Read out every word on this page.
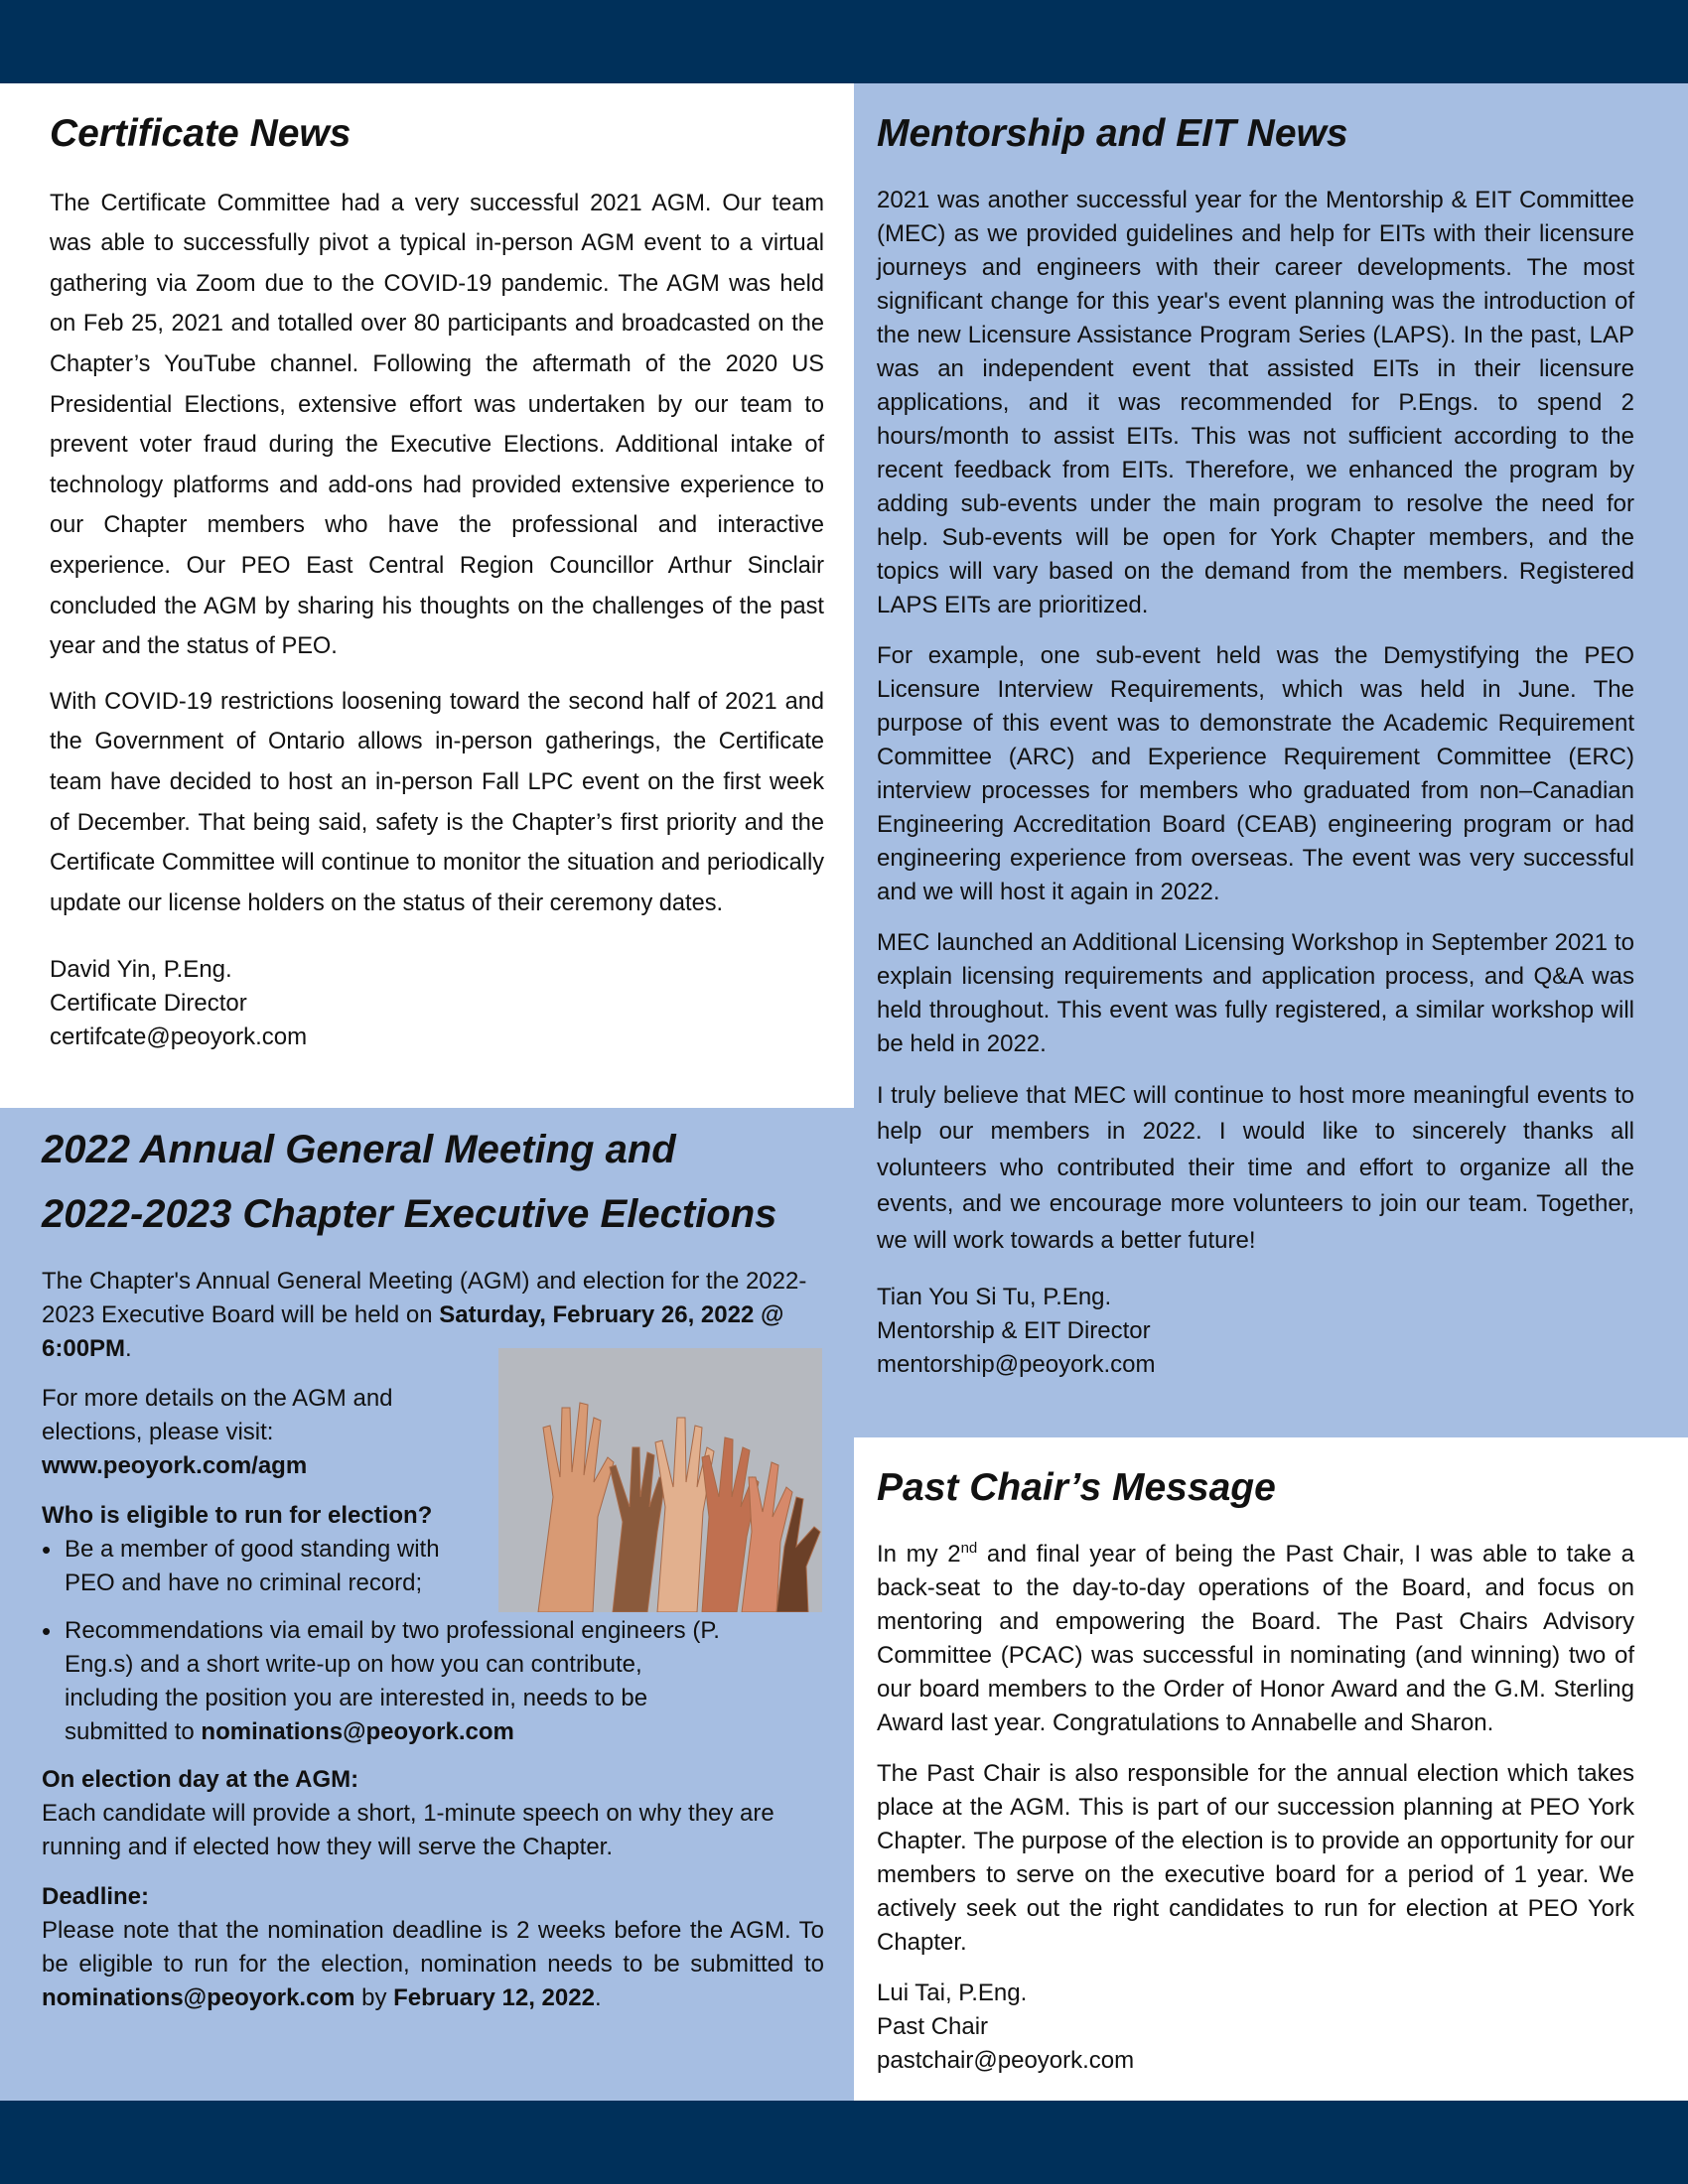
Certificate News

The Certificate Committee had a very successful 2021 AGM. Our team was able to successfully pivot a typical in-person AGM event to a virtual gathering via Zoom due to the COVID-19 pandemic. The AGM was held on Feb 25, 2021 and totalled over 80 participants and broadcasted on the Chapter’s YouTube channel. Following the aftermath of the 2020 US Presidential Elections, extensive effort was undertaken by our team to prevent voter fraud during the Executive Elections. Additional intake of technology platforms and add-ons had provided extensive experience to our Chapter members who have the professional and interactive experience. Our PEO East Central Region Councillor Arthur Sinclair concluded the AGM by sharing his thoughts on the challenges of the past year and the status of PEO.

With COVID-19 restrictions loosening toward the second half of 2021 and the Government of Ontario allows in-person gatherings, the Certificate team have decided to host an in-person Fall LPC event on the first week of December. That being said, safety is the Chapter’s first priority and the Certificate Committee will continue to monitor the situation and periodically update our license holders on the status of their ceremony dates.

David Yin, P.Eng.
Certificate Director
certifcate@peoyork.com
2022 Annual General Meeting and
2022-2023 Chapter Executive Elections

The Chapter's Annual General Meeting (AGM) and election for the 2022-2023 Executive Board will be held on Saturday, February 26, 2022 @ 6:00PM.

For more details on the AGM and elections, please visit:
www.peoyork.com/agm

Who is eligible to run for election?

• Be a member of good standing with PEO and have no criminal record;
• Recommendations via email by two professional engineers (P. Eng.s) and a short write-up on how you can contribute, including the position you are interested in, needs to be submitted to nominations@peoyork.com

On election day at the AGM:
Each candidate will provide a short, 1-minute speech on why they are running and if elected how they will serve the Chapter.

Deadline:
Please note that the nomination deadline is 2 weeks before the AGM. To be eligible to run for the election, nomination needs to be submitted to nominations@peoyork.com by February 12, 2022.

Mentorship and EIT News

2021 was another successful year for the Mentorship & EIT Committee (MEC) as we provided guidelines and help for EITs with their licensure journeys and engineers with their career developments. The most significant change for this year's event planning was the introduction of the new Licensure Assistance Program Series (LAPS). In the past, LAP was an independent event that assisted EITs in their licensure applications, and it was recommended for P.Engs. to spend 2 hours/month to assist EITs. This was not sufficient according to the recent feedback from EITs. Therefore, we enhanced the program by adding sub-events under the main program to resolve the need for help. Sub-events will be open for York Chapter members, and the topics will vary based on the demand from the members. Registered LAPS EITs are prioritized.

For example, one sub-event held was the Demystifying the PEO Licensure Interview Requirements, which was held in June. The purpose of this event was to demonstrate the Academic Requirement Committee (ARC) and Experience Requirement Committee (ERC) interview processes for members who graduated from non–Canadian Engineering Accreditation Board (CEAB) engineering program or had engineering experience from overseas. The event was very successful and we will host it again in 2022.

MEC launched an Additional Licensing Workshop in September 2021 to explain licensing requirements and application process, and Q&A was held throughout. This event was fully registered, a similar workshop will be held in 2022.

I truly believe that MEC will continue to host more meaningful events to help our members in 2022. I would like to sincerely thanks all volunteers who contributed their time and effort to organize all the events, and we encourage more volunteers to join our team. Together, we will work towards a better future!

Tian You Si Tu, P.Eng.
Mentorship & EIT Director
mentorship@peoyork.com
Past Chair’s Message

In my 2nd and final year of being the Past Chair, I was able to take a back-seat to the day-to-day operations of the Board, and focus on mentoring and empowering the Board. The Past Chairs Advisory Committee (PCAC) was successful in nominating (and winning) two of our board members to the Order of Honor Award and the G.M. Sterling Award last year. Congratulations to Annabelle and Sharon.

The Past Chair is also responsible for the annual election which takes place at the AGM. This is part of our succession planning at PEO York Chapter. The purpose of the election is to provide an opportunity for our members to serve on the executive board for a period of 1 year. We actively seek out the right candidates to run for election at PEO York Chapter.

Lui Tai, P.Eng.
Past Chair
pastchair@peoyork.com
